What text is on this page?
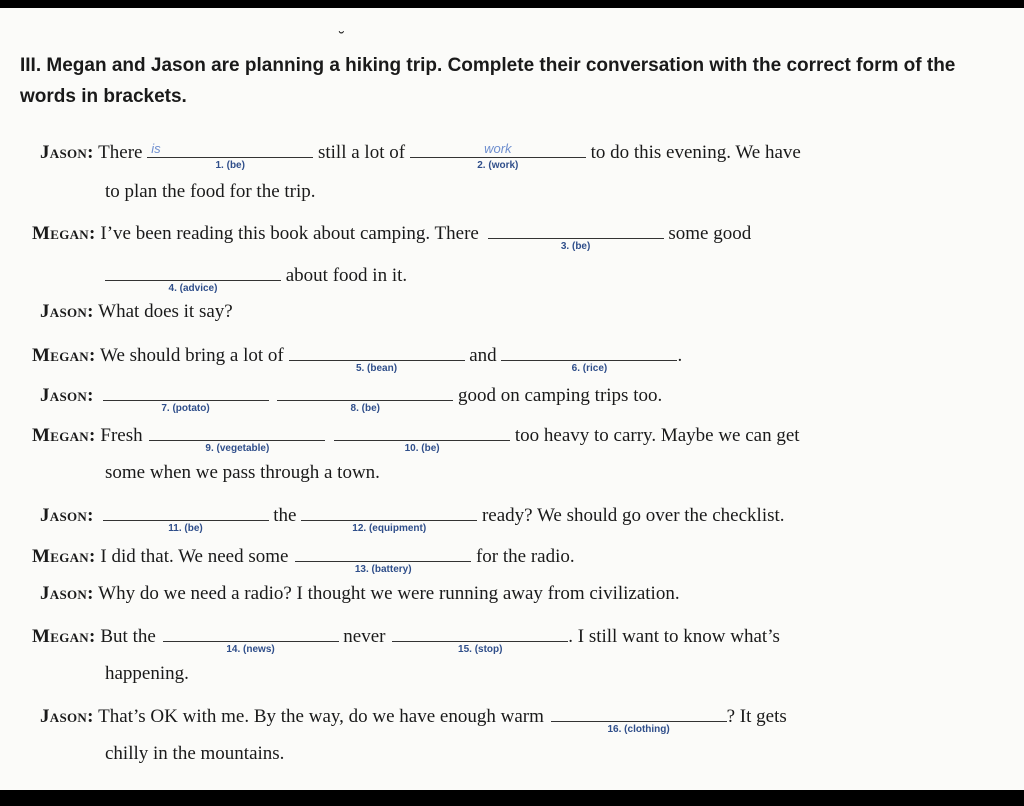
˘
III. Megan and Jason are planning a hiking trip. Complete their conversation with the correct form of the words in brackets.
Jason: There is
1. (be)
still a lot of	work
2. (work)
to do this evening. We have
to plan the food for the trip.
Megan: I’ve been reading this book about camping. There
3. (be)
some good
4. (advice)
about food in it.
Jason: What does it say?
Megan: We should bring a lot of
5. (bean)
and
6. (rice)
.
Jason:
7. (potato)
	8. (be)
good on camping trips too.
Megan: Fresh
9. (vegetable)
	10. (be)
too heavy to carry. Maybe we can get
some when we pass through a town.
Jason:
11. (be)
the
12. (equipment)
ready? We should go over the checklist.
Megan: I did that. We need some
13. (battery)
for the radio.
Jason: Why do we need a radio? I thought we were running away from civilization.
Megan: But the
14. (news)
never
15. (stop)
. I still want to know what’s
happening.
Jason: That’s OK with me. By the way, do we have enough warm
16. (clothing)
? It gets
chilly in the mountains.
